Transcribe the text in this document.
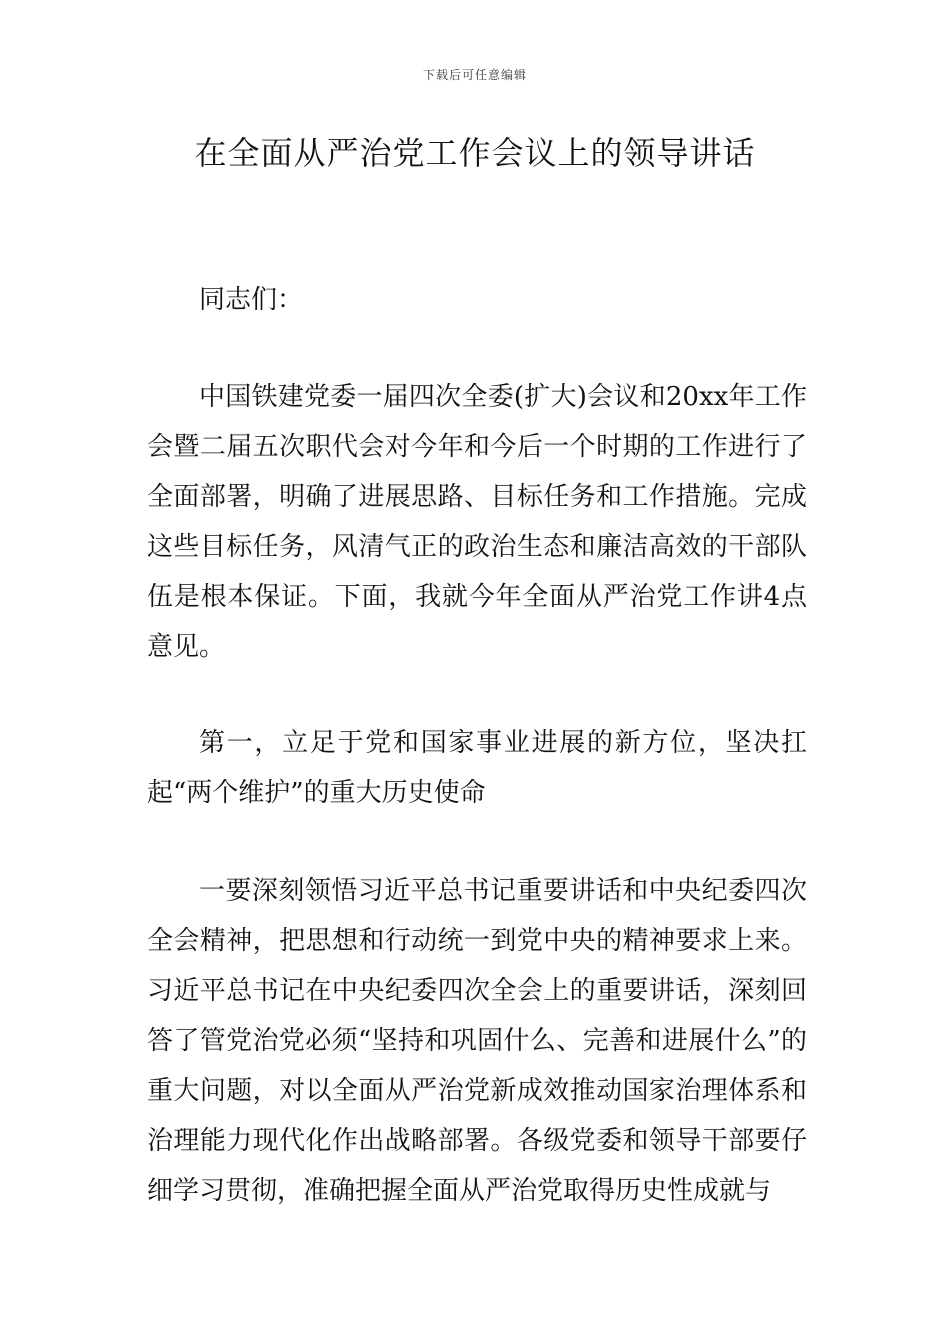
下载后可任意编辑
在全面从严治党工作会议上的领导讲话

同志们：

中国铁建党委一届四次全委(扩大)会议和20xx年工作会暨二届五次职代会对今年和今后一个时期的工作进行了全面部署，明确了进展思路、目标任务和工作措施。完成这些目标任务，风清气正的政治生态和廉洁高效的干部队伍是根本保证。下面，我就今年全面从严治党工作讲4点意见。

第一，立足于党和国家事业进展的新方位，坚决扛起“两个维护”的重大历史使命

一要深刻领悟习近平总书记重要讲话和中央纪委四次全会精神，把思想和行动统一到党中央的精神要求上来。习近平总书记在中央纪委四次全会上的重要讲话，深刻回答了管党治党必须“坚持和巩固什么、完善和进展什么”的重大问题，对以全面从严治党新成效推动国家治理体系和治理能力现代化作出战略部署。各级党委和领导干部要仔细学习贯彻，准确把握全面从严治党取得历史性成就与
